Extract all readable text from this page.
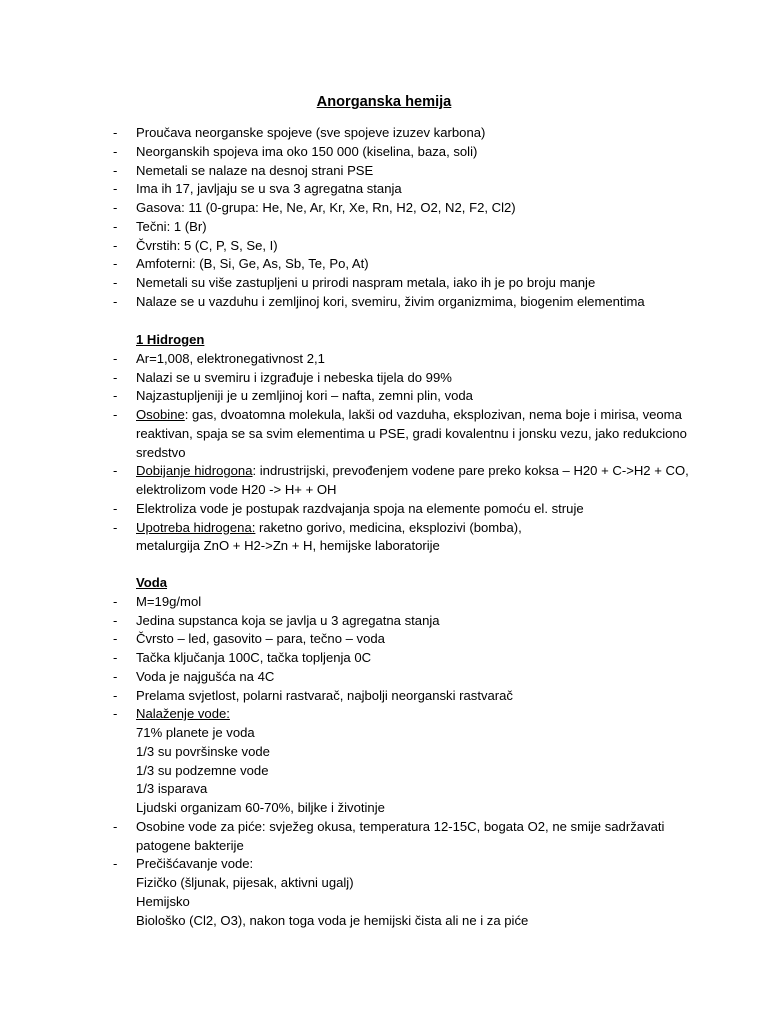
Anorganska hemija
- Proučava neorganske spojeve (sve spojeve izuzev karbona)
- Neorganskih spojeva ima oko 150 000 (kiselina, baza, soli)
- Nemetali se nalaze na desnoj strani PSE
- Ima ih 17, javljaju se u sva 3 agregatna stanja
- Gasova: 11 (0-grupa: He, Ne, Ar, Kr, Xe, Rn, H2, O2, N2, F2, Cl2)
- Tečni: 1 (Br)
- Čvrstih: 5 (C, P, S, Se, I)
- Amfoterni: (B, Si, Ge, As, Sb, Te, Po, At)
- Nemetali su više zastupljeni u prirodi naspram metala, iako ih je po broju manje
- Nalaze se u vazduhu i zemljinoj kori, svemiru, živim organizmima, biogenim elementima
1 Hidrogen
- Ar=1,008, elektronegativnost 2,1
- Nalazi se u svemiru i izgrađuje i nebeska tijela do 99%
- Najzastupljeniji je u zemljinoj kori – nafta, zemni plin, voda
- Osobine: gas, dvoatomna molekula, lakši od vazduha, eksplozivan, nema boje i mirisa, veoma
reaktivan, spaja se sa svim elementima u PSE, gradi kovalentnu i jonsku vezu, jako redukciono
sredstvo
- Dobijanje hidrogona: indrustrijski, prevođenjem vodene pare preko koksa – H20 + C->H2 + CO,
elektrolizom vode H20 -> H+ + OH
- Elektroliza vode je postupak razdvajanja spoja na elemente pomoću el. struje
- Upotreba hidrogena: raketno gorivo, medicina, eksplozivi (bomba),
metalurgija ZnO + H2->Zn + H, hemijske laboratorije
Voda
- M=19g/mol
- Jedina supstanca koja se javlja u 3 agregatna stanja
- Čvrsto – led, gasovito – para, tečno – voda
- Tačka ključanja 100C, tačka topljenja 0C
- Voda je najgušća na 4C
- Prelama svjetlost, polarni rastvarač, najbolji neorganski rastvarač
- Nalaženje vode:
71% planete je voda
1/3 su površinske vode
1/3 su podzemne vode
1/3 isparava
Ljudski organizam 60-70%, biljke i životinje
- Osobine vode za piće: svježeg okusa, temperatura 12-15C, bogata O2, ne smije sadržavati
patogene bakterije
- Prečišćavanje vode:
Fizičko (šljunak, pijesak, aktivni ugalj)
Hemijsko
Biološko (Cl2, O3), nakon toga voda je hemijski čista ali ne i za piće
